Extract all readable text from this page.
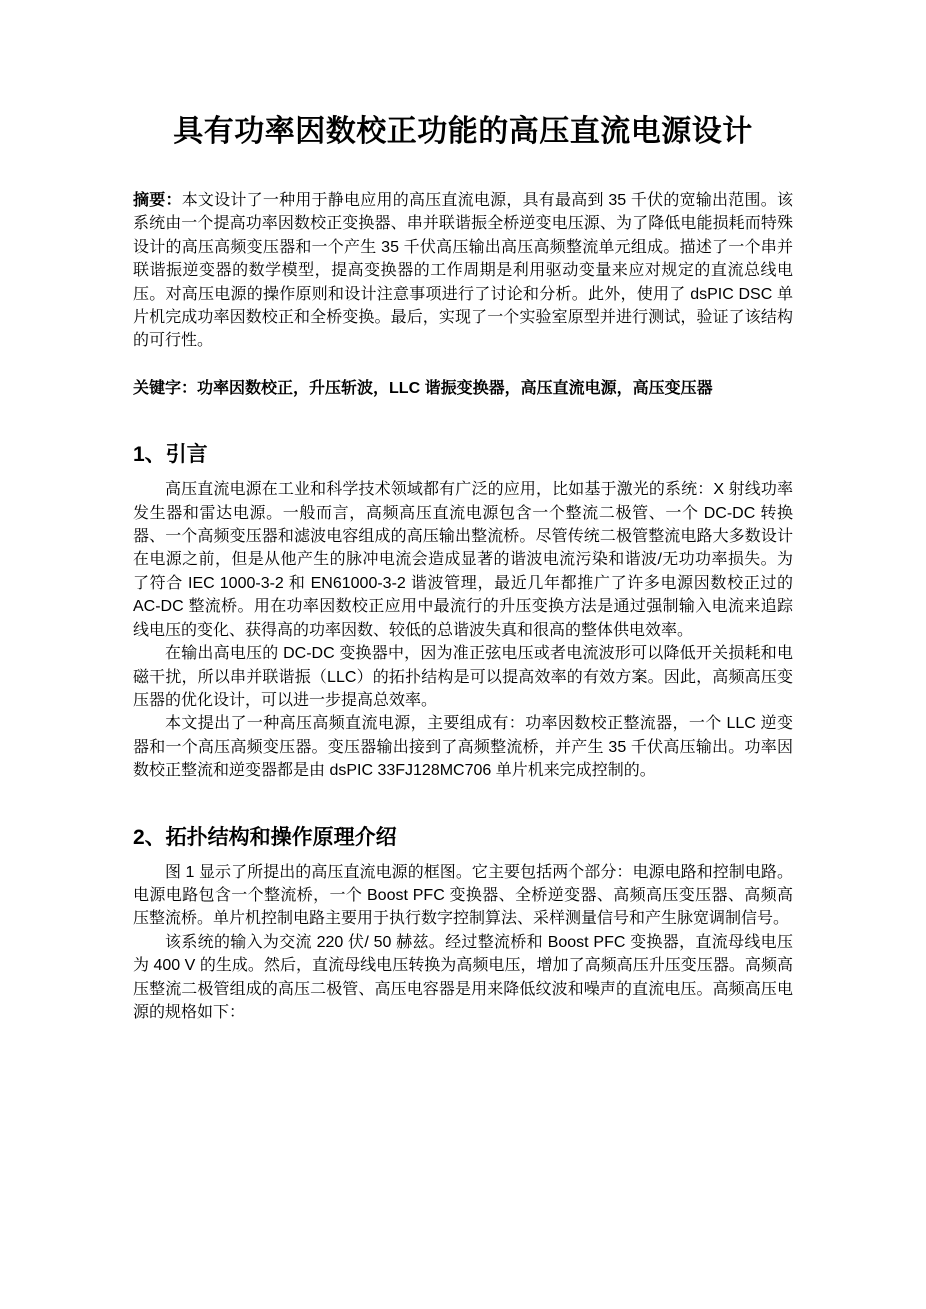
具有功率因数校正功能的高压直流电源设计

摘要：本文设计了一种用于静电应用的高压直流电源，具有最高到 35 千伏的宽输出范围。该系统由一个提高功率因数校正变换器、串并联谐振全桥逆变电压源、为了降低电能损耗而特殊设计的高压高频变压器和一个产生 35 千伏高压输出高压高频整流单元组成。描述了一个串并联谐振逆变器的数学模型，提高变换器的工作周期是利用驱动变量来应对规定的直流总线电压。对高压电源的操作原则和设计注意事项进行了讨论和分析。此外，使用了 dsPIC DSC 单片机完成功率因数校正和全桥变换。最后，实现了一个实验室原型并进行测试，验证了该结构的可行性。

关键字：功率因数校正，升压斩波，LLC 谐振变换器，高压直流电源，高压变压器

1、引言

高压直流电源在工业和科学技术领域都有广泛的应用，比如基于激光的系统：X 射线功率发生器和雷达电源。一般而言，高频高压直流电源包含一个整流二极管、一个 DC-DC 转换器、一个高频变压器和滤波电容组成的高压输出整流桥。尽管传统二极管整流电路大多数设计在电源之前，但是从他产生的脉冲电流会造成显著的谐波电流污染和谐波/无功功率损失。为了符合 IEC 1000-3-2 和 EN61000-3-2 谐波管理，最近几年都推广了许多电源因数校正过的 AC-DC 整流桥。用在功率因数校正应用中最流行的升压变换方法是通过强制输入电流来追踪线电压的变化、获得高的功率因数、较低的总谐波失真和很高的整体供电效率。

在输出高电压的 DC-DC 变换器中，因为准正弦电压或者电流波形可以降低开关损耗和电磁干扰，所以串并联谐振（LLC）的拓扑结构是可以提高效率的有效方案。因此，高频高压变压器的优化设计，可以进一步提高总效率。

本文提出了一种高压高频直流电源，主要组成有：功率因数校正整流器，一个 LLC 逆变器和一个高压高频变压器。变压器输出接到了高频整流桥，并产生 35 千伏高压输出。功率因数校正整流和逆变器都是由 dsPIC 33FJ128MC706 单片机来完成控制的。

2、拓扑结构和操作原理介绍

图 1 显示了所提出的高压直流电源的框图。它主要包括两个部分：电源电路和控制电路。电源电路包含一个整流桥，一个 Boost PFC 变换器、全桥逆变器、高频高压变压器、高频高压整流桥。单片机控制电路主要用于执行数字控制算法、采样测量信号和产生脉宽调制信号。

该系统的输入为交流 220 伏/ 50 赫兹。经过整流桥和 Boost PFC 变换器，直流母线电压为 400 V 的生成。然后，直流母线电压转换为高频电压，增加了高频高压升压变压器。高频高压整流二极管组成的高压二极管、高压电容器是用来降低纹波和噪声的直流电压。高频高压电源的规格如下：
